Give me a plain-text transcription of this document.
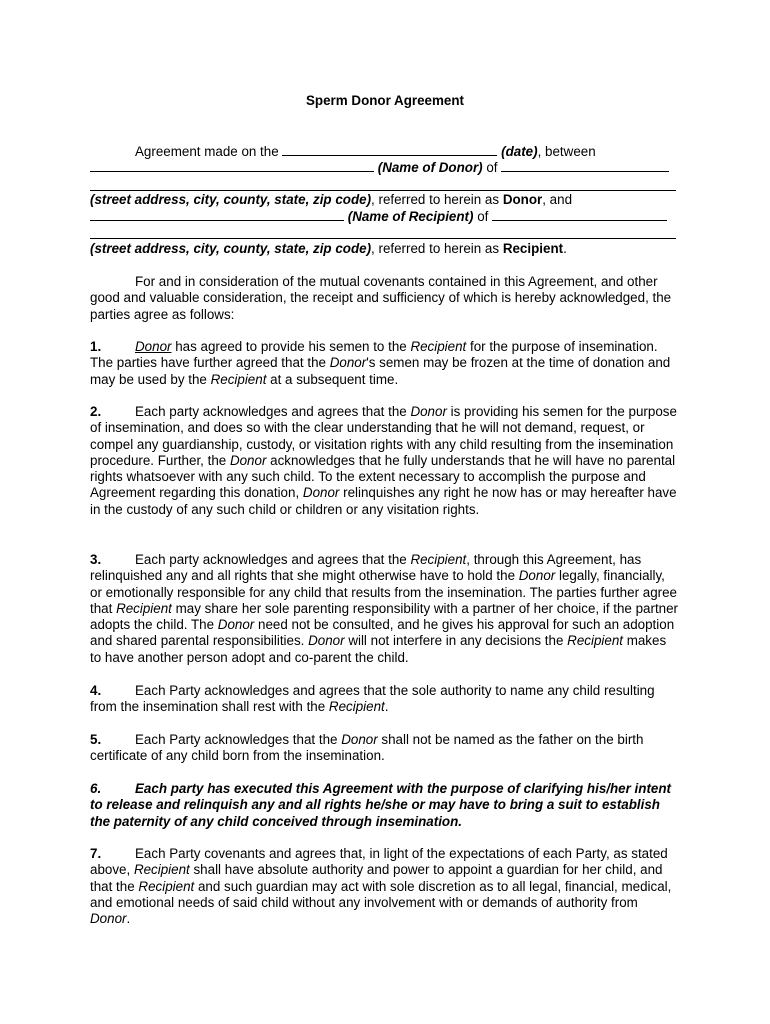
Sperm Donor Agreement
Agreement made on the	(date), between
(Name of Donor) of
(street address, city, county, state, zip code), referred to herein as Donor, and
(Name of Recipient) of
(street address, city, county, state, zip code), referred to herein as Recipient.
For and in consideration of the mutual covenants contained in this Agreement, and other good and valuable consideration, the receipt and sufficiency of which is hereby acknowledged, the parties agree as follows:
1.	Donor has agreed to provide his semen to the Recipient for the purpose of insemination. The parties have further agreed that the Donor's semen may be frozen at the time of donation and may be used by the Recipient at a subsequent time.
2.	Each party acknowledges and agrees that the Donor is providing his semen for the purpose of insemination, and does so with the clear understanding that he will not demand, request, or compel any guardianship, custody, or visitation rights with any child resulting from the insemination procedure. Further, the Donor acknowledges that he fully understands that he will have no parental rights whatsoever with any such child. To the extent necessary to accomplish the purpose and Agreement regarding this donation, Donor relinquishes any right he now has or may hereafter have in the custody of any such child or children or any visitation rights.
3.	Each party acknowledges and agrees that the Recipient, through this Agreement, has relinquished any and all rights that she might otherwise have to hold the Donor legally, financially, or emotionally responsible for any child that results from the insemination. The parties further agree that Recipient may share her sole parenting responsibility with a partner of her choice, if the partner adopts the child. The Donor need not be consulted, and he gives his approval for such an adoption and shared parental responsibilities. Donor will not interfere in any decisions the Recipient makes to have another person adopt and co-parent the child.
4.	Each Party acknowledges and agrees that the sole authority to name any child resulting from the insemination shall rest with the Recipient.
5.	Each Party acknowledges that the Donor shall not be named as the father on the birth certificate of any child born from the insemination.
6.	Each party has executed this Agreement with the purpose of clarifying his/her intent to release and relinquish any and all rights he/she or may have to bring a suit to establish the paternity of any child conceived through insemination.
7.	Each Party covenants and agrees that, in light of the expectations of each Party, as stated above, Recipient shall have absolute authority and power to appoint a guardian for her child, and that the Recipient and such guardian may act with sole discretion as to all legal, financial, medical, and emotional needs of said child without any involvement with or demands of authority from Donor.
